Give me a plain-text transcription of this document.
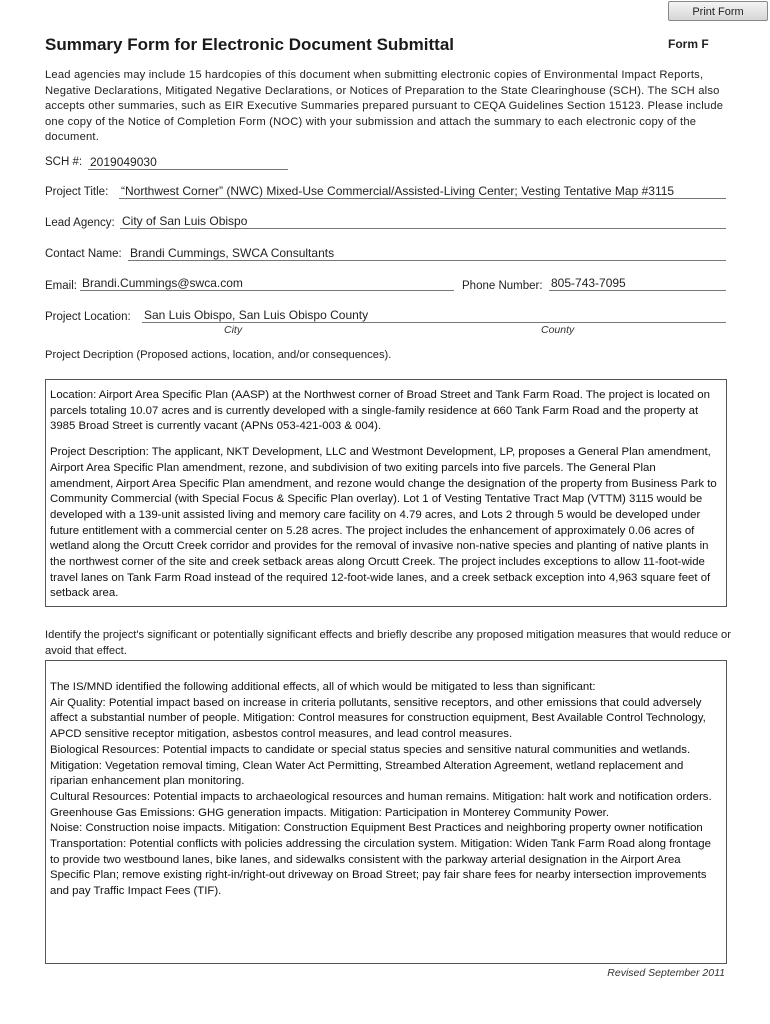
Print Form
Summary Form for Electronic Document Submittal	Form F
Lead agencies may include 15 hardcopies of this document when submitting electronic copies of Environmental Impact Reports, Negative Declarations, Mitigated Negative Declarations, or Notices of Preparation to the State Clearinghouse (SCH). The SCH also accepts other summaries, such as EIR Executive Summaries prepared pursuant to CEQA Guidelines Section 15123. Please include one copy of the Notice of Completion Form (NOC) with your submission and attach the summary to each electronic copy of the document.
SCH #: 2019049030
Project Title: “Northwest Corner” (NWC) Mixed-Use Commercial/Assisted-Living Center; Vesting Tentative Map #3115
Lead Agency: City of San Luis Obispo
Contact Name: Brandi Cummings, SWCA Consultants
Email: Brandi.Cummings@swca.com	Phone Number: 805-743-7095
Project Location: San Luis Obispo, San Luis Obispo County
City	County
Project Decription (Proposed actions, location, and/or consequences).

Location: Airport Area Specific Plan (AASP) at the Northwest corner of Broad Street and Tank Farm Road. The project is located on parcels totaling 10.07 acres and is currently developed with a single-family residence at 660 Tank Farm Road and the property at 3985 Broad Street is currently vacant (APNs 053-421-003 & 004).

Project Description: The applicant, NKT Development, LLC and Westmont Development, LP, proposes a General Plan amendment, Airport Area Specific Plan amendment, rezone, and subdivision of two exiting parcels into five parcels. The General Plan amendment, Airport Area Specific Plan amendment, and rezone would change the designation of the property from Business Park to Community Commercial (with Special Focus & Specific Plan overlay). Lot 1 of Vesting Tentative Tract Map (VTTM) 3115 would be developed with a 139-unit assisted living and memory care facility on 4.79 acres, and Lots 2 through 5 would be developed under future entitlement with a commercial center on 5.28 acres. The project includes the enhancement of approximately 0.06 acres of wetland along the Orcutt Creek corridor and provides for the removal of invasive non-native species and planting of native plants in the northwest corner of the site and creek setback areas along Orcutt Creek. The project includes exceptions to allow 11-foot-wide travel lanes on Tank Farm Road instead of the required 12-foot-wide lanes, and a creek setback exception into 4,963 square feet of setback area.

Identify the project's significant or potentially significant effects and briefly describe any proposed mitigation measures that would reduce or avoid that effect.

The IS/MND identified the following additional effects, all of which would be mitigated to less than significant:

Air Quality: Potential impact based on increase in criteria pollutants, sensitive receptors, and other emissions that could adversely affect a substantial number of people. Mitigation: Control measures for construction equipment, Best Available Control Technology, APCD sensitive receptor mitigation, asbestos control measures, and lead control measures.

Biological Resources: Potential impacts to candidate or special status species and sensitive natural communities and wetlands. Mitigation: Vegetation removal timing, Clean Water Act Permitting, Streambed Alteration Agreement, wetland replacement and riparian enhancement plan monitoring.

Cultural Resources: Potential impacts to archaeological resources and human remains. Mitigation: halt work and notification orders.

Greenhouse Gas Emissions: GHG generation impacts. Mitigation: Participation in Monterey Community Power.

Noise: Construction noise impacts. Mitigation: Construction Equipment Best Practices and neighboring property owner notification

Transportation: Potential conflicts with policies addressing the circulation system. Mitigation: Widen Tank Farm Road along frontage to provide two westbound lanes, bike lanes, and sidewalks consistent with the parkway arterial designation in the Airport Area Specific Plan; remove existing right-in/right-out driveway on Broad Street; pay fair share fees for nearby intersection improvements and pay Traffic Impact Fees (TIF).

Revised September 2011
